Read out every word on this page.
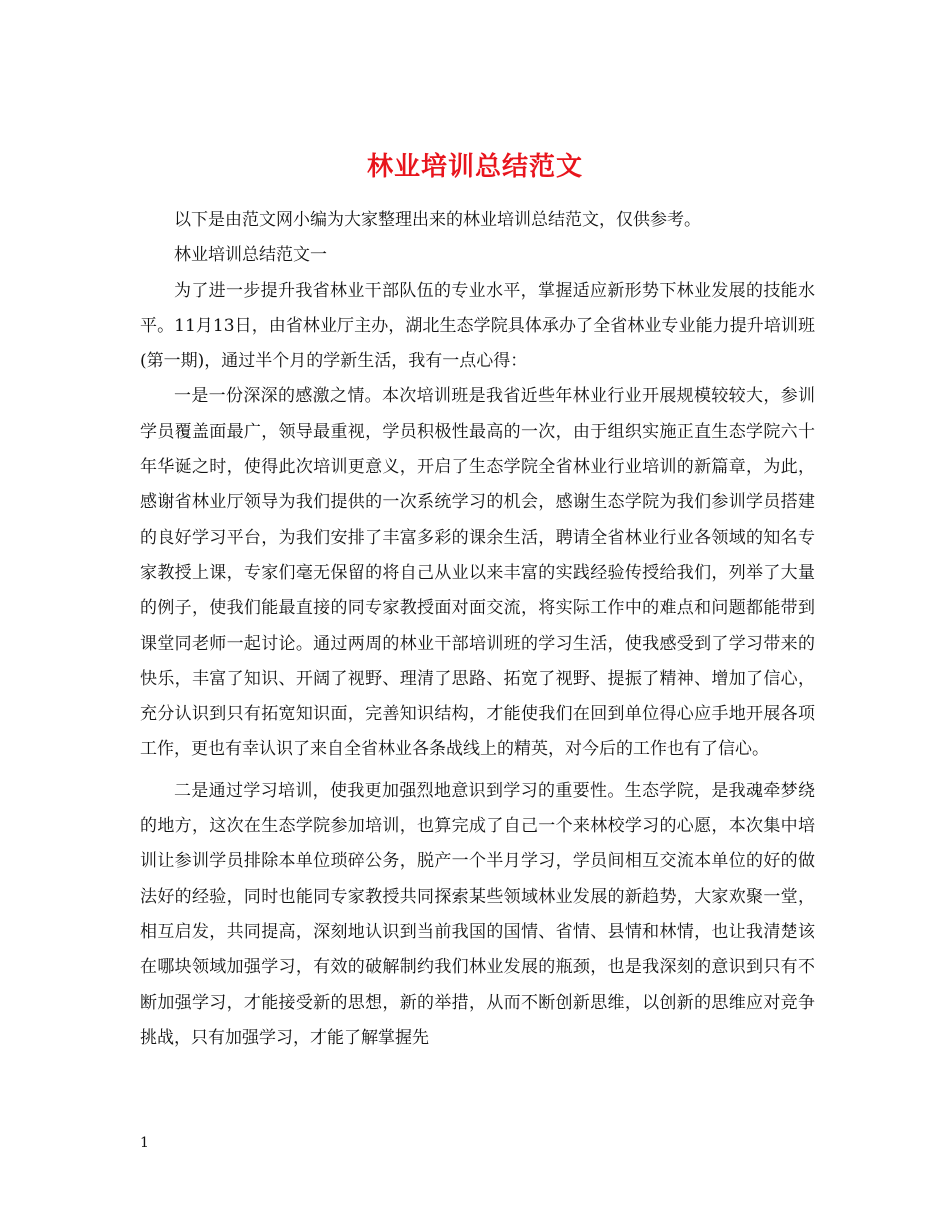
林业培训总结范文

以下是由范文网小编为大家整理出来的林业培训总结范文，仅供参考。

林业培训总结范文一

为了进一步提升我省林业干部队伍的专业水平，掌握适应新形势下林业发展的技能水平。11月13日，由省林业厅主办，湖北生态学院具体承办了全省林业专业能力提升培训班(第一期)，通过半个月的学新生活，我有一点心得：

一是一份深深的感激之情。本次培训班是我省近些年林业行业开展规模较较大，参训学员覆盖面最广，领导最重视，学员积极性最高的一次，由于组织实施正直生态学院六十年华诞之时，使得此次培训更意义，开启了生态学院全省林业行业培训的新篇章，为此，感谢省林业厅领导为我们提供的一次系统学习的机会，感谢生态学院为我们参训学员搭建的良好学习平台，为我们安排了丰富多彩的课余生活，聘请全省林业行业各领域的知名专家教授上课，专家们毫无保留的将自己从业以来丰富的实践经验传授给我们，列举了大量的例子，使我们能最直接的同专家教授面对面交流，将实际工作中的难点和问题都能带到课堂同老师一起讨论。通过两周的林业干部培训班的学习生活，使我感受到了学习带来的快乐，丰富了知识、开阔了视野、理清了思路、拓宽了视野、提振了精神、增加了信心，充分认识到只有拓宽知识面，完善知识结构，才能使我们在回到单位得心应手地开展各项工作，更也有幸认识了来自全省林业各条战线上的精英，对今后的工作也有了信心。

二是通过学习培训，使我更加强烈地意识到学习的重要性。生态学院，是我魂牵梦绕的地方，这次在生态学院参加培训，也算完成了自己一个来林校学习的心愿，本次集中培训让参训学员排除本单位琐碎公务，脱产一个半月学习，学员间相互交流本单位的好的做法好的经验，同时也能同专家教授共同探索某些领域林业发展的新趋势，大家欢聚一堂，相互启发，共同提高，深刻地认识到当前我国的国情、省情、县情和林情，也让我清楚该在哪块领域加强学习，有效的破解制约我们林业发展的瓶颈，也是我深刻的意识到只有不断加强学习，才能接受新的思想，新的举措，从而不断创新思维，以创新的思维应对竞争挑战，只有加强学习，才能了解掌握先

1
